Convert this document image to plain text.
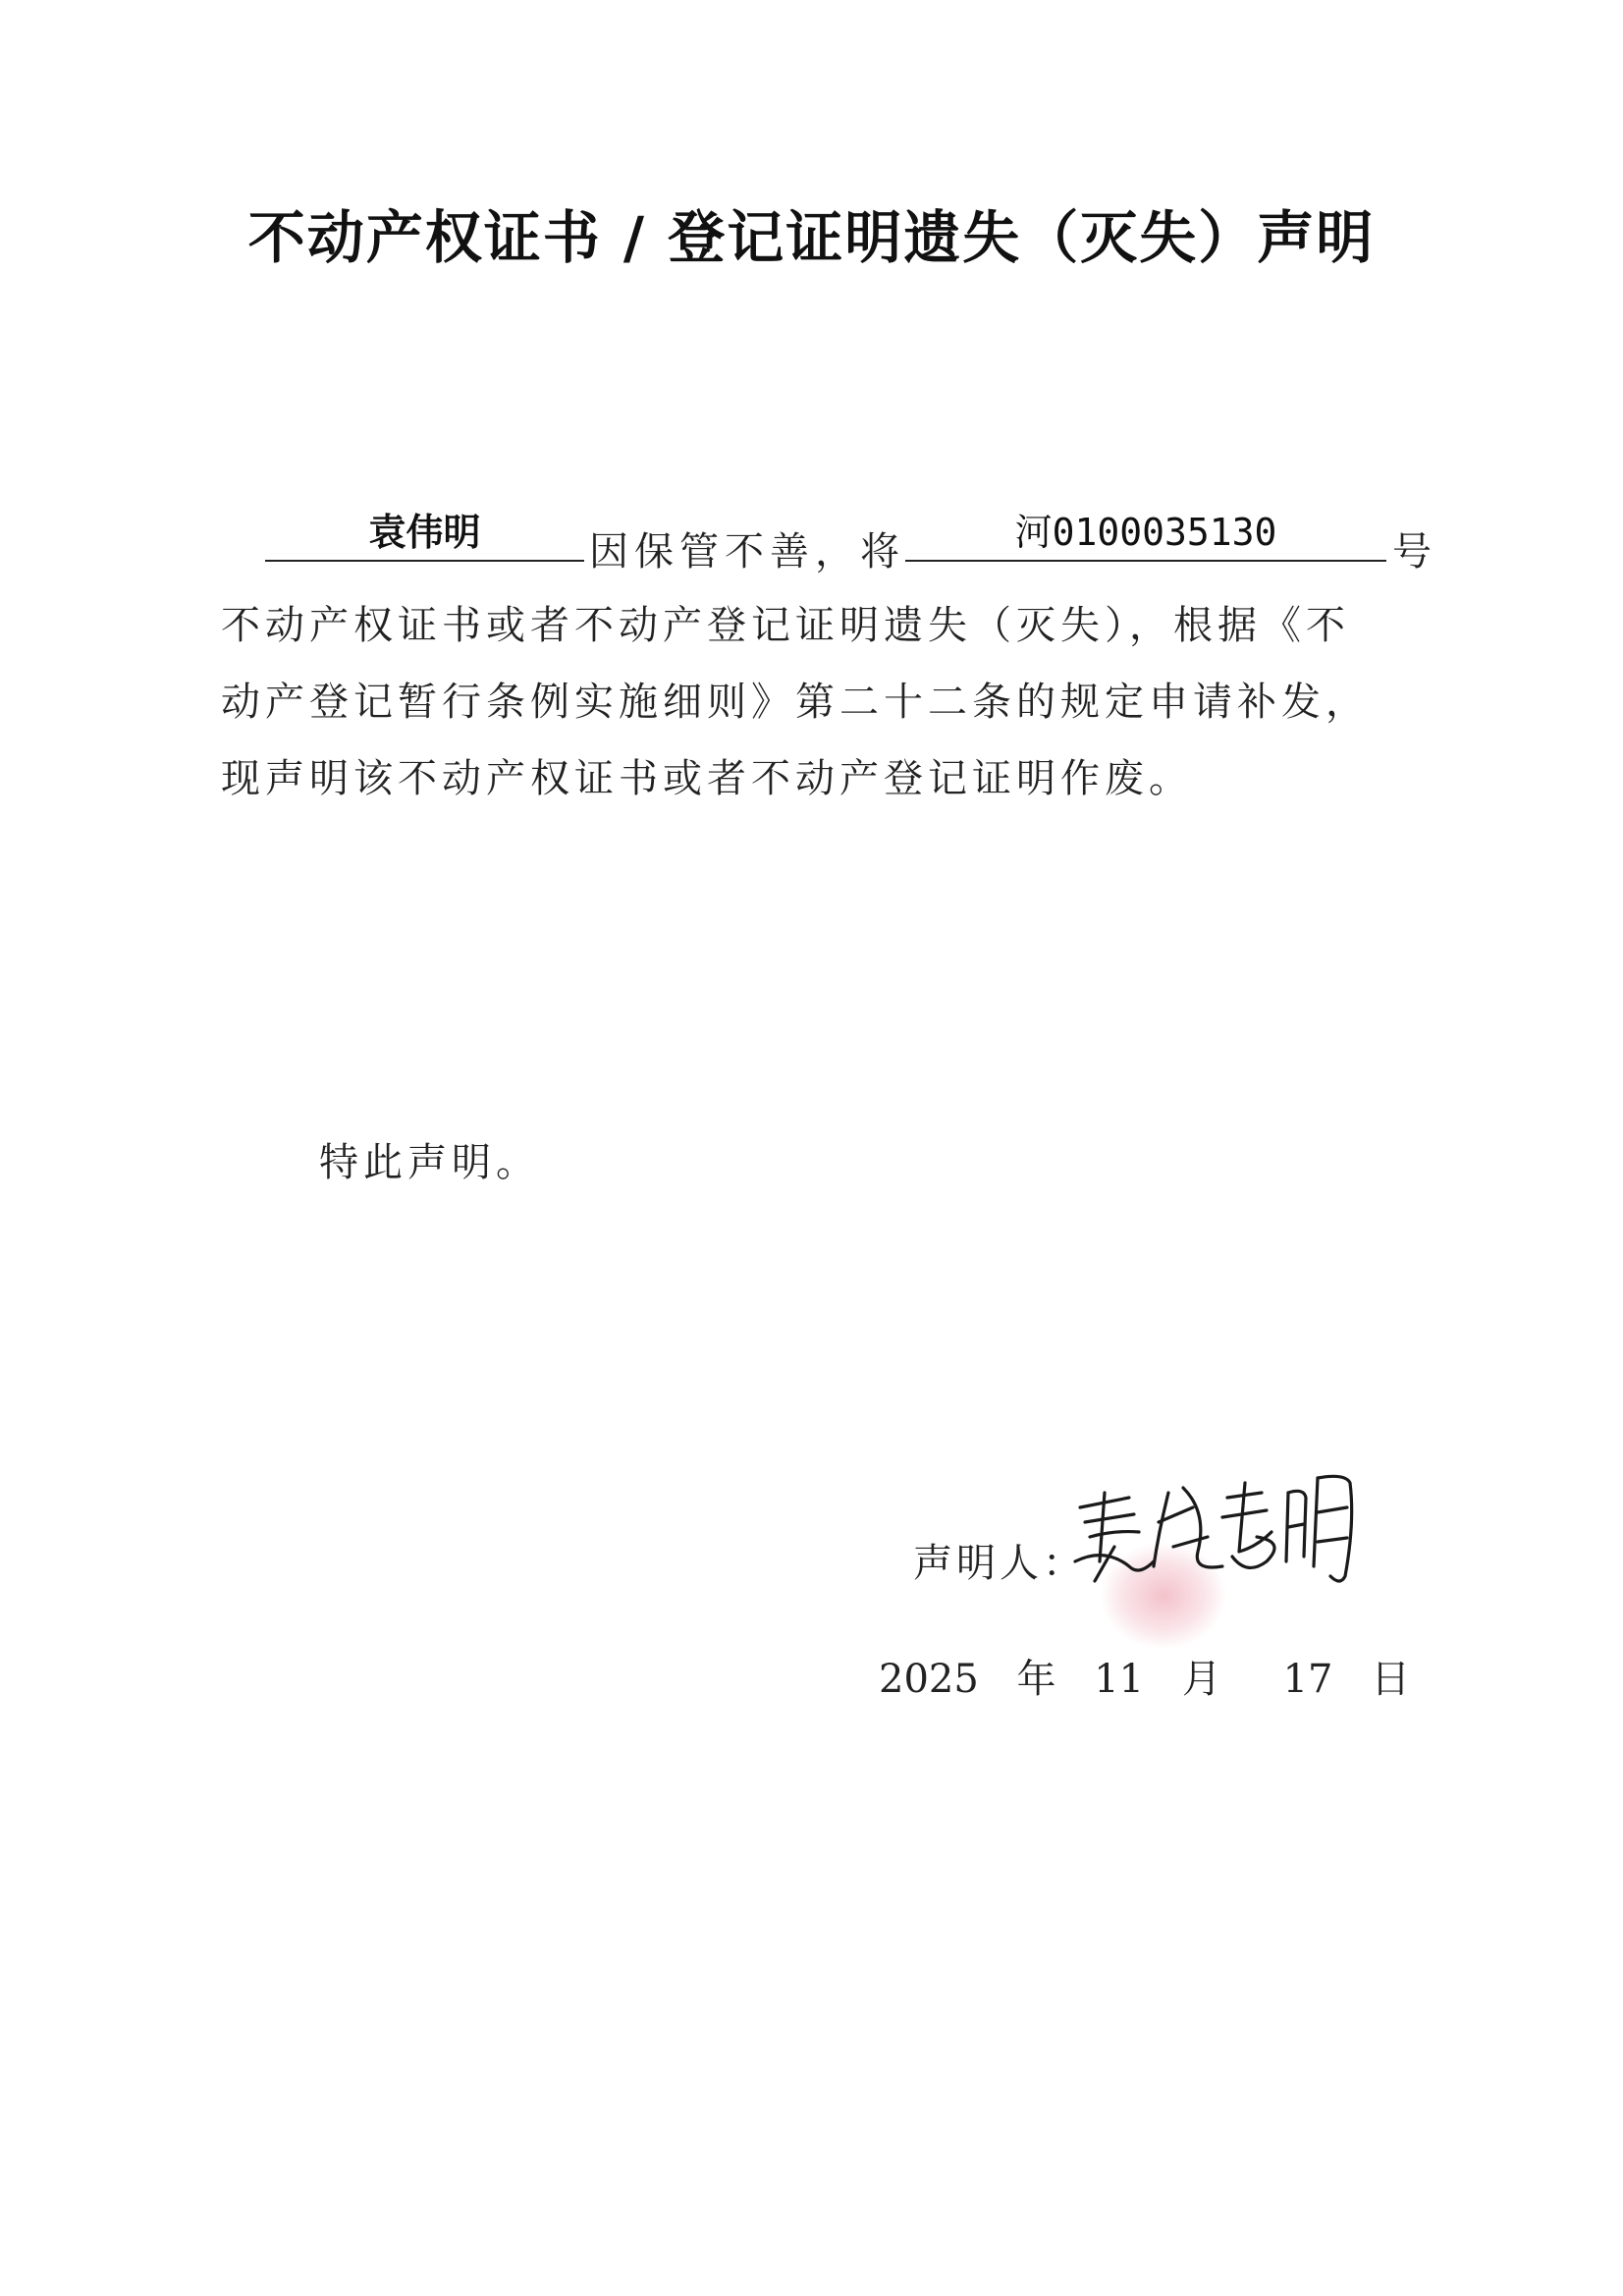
不动产权证书 / 登记证明遗失（灭失）声明
袁伟明	因保管不善，将	河0100035130	号
不动产权证书或者不动产登记证明遗失（灭失），根据《不
动产登记暂行条例实施细则》第二十二条的规定申请补发，
现声明该不动产权证书或者不动产登记证明作废。
特此声明。
声明人：
2025 年 11 月 17 日
